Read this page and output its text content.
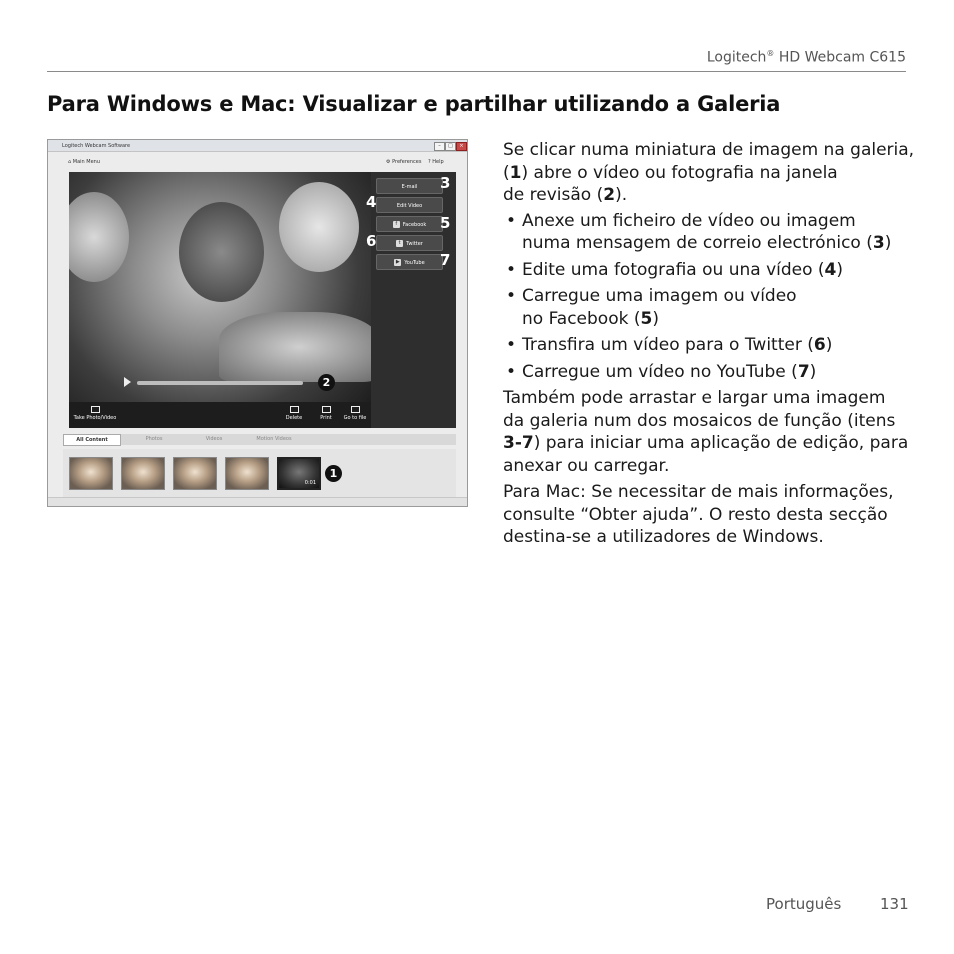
Logitech® HD Webcam C615
Para Windows e Mac: Visualizar e partilhar utilizando a Galeria
Logitech Webcam Software	–	□	×
⌂ Main Menu	⚙ Preferences ? Help
2
E-mail
Edit Video
f Facebook
t Twitter
▶ YouTube
3
4
5
6
7
Take Photo/Video	Delete	Print	Go to file
All Content	Photos	Videos	Motion Videos
0:01
1

Se clicar numa miniatura de imagem na galeria,
(1) abre o vídeo ou fotografia na janela
de revisão (2).

• Anexe um ficheiro de vídeo ou imagem
numa mensagem de correio electrónico (3)
• Edite uma fotografia ou una vídeo (4)
• Carregue uma imagem ou vídeo
no Facebook (5)
• Transfira um vídeo para o Twitter (6)
• Carregue um vídeo no YouTube (7)

Também pode arrastar e largar uma imagem
da galeria num dos mosaicos de função (itens
3-7) para iniciar uma aplicação de edição, para
anexar ou carregar.

Para Mac: Se necessitar de mais informações,
consulte “Obter ajuda”. O resto desta secção
destina-se a utilizadores de Windows.

Português	131
